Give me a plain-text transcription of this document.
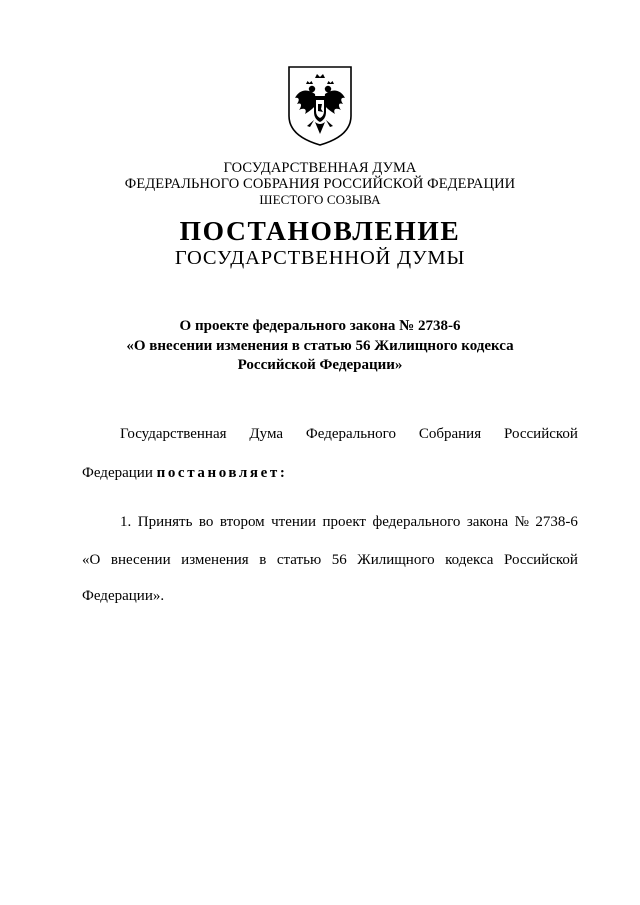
ГОСУДАРСТВЕННАЯ ДУМА
ФЕДЕРАЛЬНОГО СОБРАНИЯ РОССИЙСКОЙ ФЕДЕРАЦИИ
ШЕСТОГО СОЗЫВА
ПОСТАНОВЛЕНИЕ
ГОСУДАРСТВЕННОЙ ДУМЫ
О проекте федерального закона № 2738-6
«О внесении изменения в статью 56 Жилищного кодекса
Российской Федерации»
Государственная Дума Федерального Собрания Российской
Федерации постановляет:
1. Принять во втором чтении проект федерального закона № 2738-6
«О внесении изменения в статью 56 Жилищного кодекса Российской
Федерации».
